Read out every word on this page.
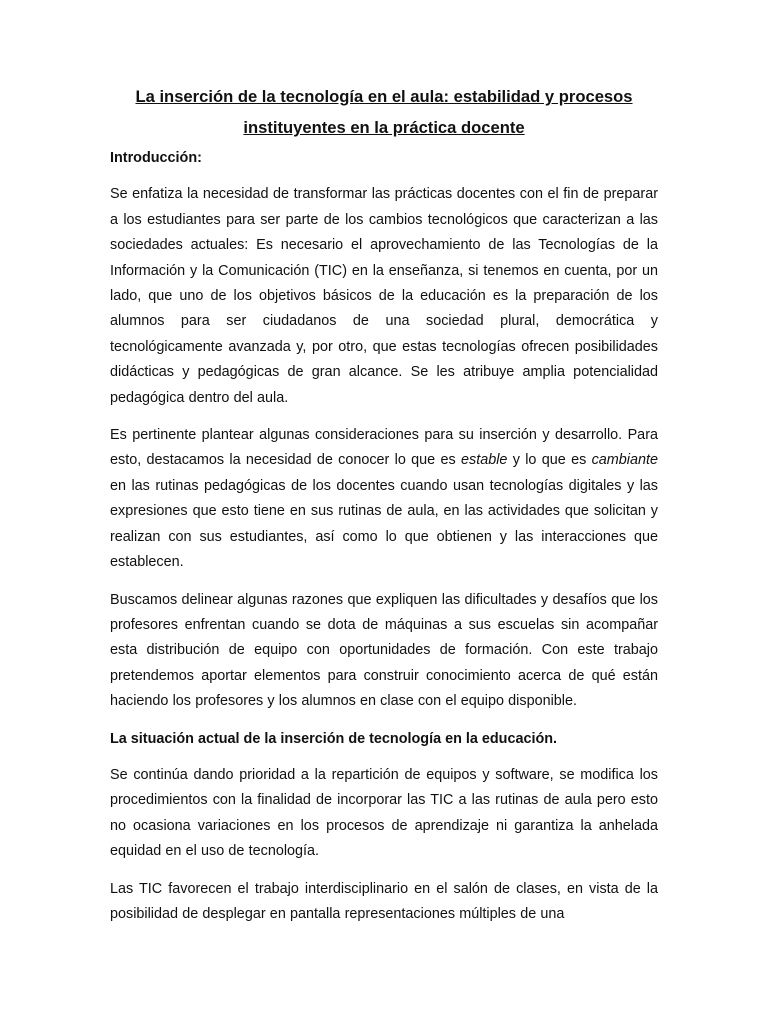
La inserción de la tecnología en el aula: estabilidad y procesos
instituyentes en la práctica docente
Introducción:

Se enfatiza la necesidad de transformar las prácticas docentes con el fin de preparar a los estudiantes para ser parte de los cambios tecnológicos que caracterizan a las sociedades actuales: Es necesario el aprovechamiento de las Tecnologías de la Información y la Comunicación (TIC) en la enseñanza, si tenemos en cuenta, por un lado, que uno de los objetivos básicos de la educación es la preparación de los alumnos para ser ciudadanos de una sociedad plural, democrática y tecnológicamente avanzada y, por otro, que estas tecnologías ofrecen posibilidades didácticas y pedagógicas de gran alcance. Se les atribuye amplia potencialidad pedagógica dentro del aula.

Es pertinente plantear algunas consideraciones para su inserción y desarrollo. Para esto, destacamos la necesidad de conocer lo que es estable y lo que es cambiante en las rutinas pedagógicas de los docentes cuando usan tecnologías digitales y las expresiones que esto tiene en sus rutinas de aula, en las actividades que solicitan y realizan con sus estudiantes, así como lo que obtienen y las interacciones que establecen.

Buscamos delinear algunas razones que expliquen las dificultades y desafíos que los profesores enfrentan cuando se dota de máquinas a sus escuelas sin acompañar esta distribución de equipo con oportunidades de formación. Con este trabajo pretendemos aportar elementos para construir conocimiento acerca de qué están haciendo los profesores y los alumnos en clase con el equipo disponible.

La situación actual de la inserción de tecnología en la educación.

Se continúa dando prioridad a la repartición de equipos y software, se modifica los procedimientos con la finalidad de incorporar las TIC a las rutinas de aula pero esto no ocasiona variaciones en los procesos de aprendizaje ni garantiza la anhelada equidad en el uso de tecnología.

Las TIC favorecen el trabajo interdisciplinario en el salón de clases, en vista de la posibilidad de desplegar en pantalla representaciones múltiples de una
